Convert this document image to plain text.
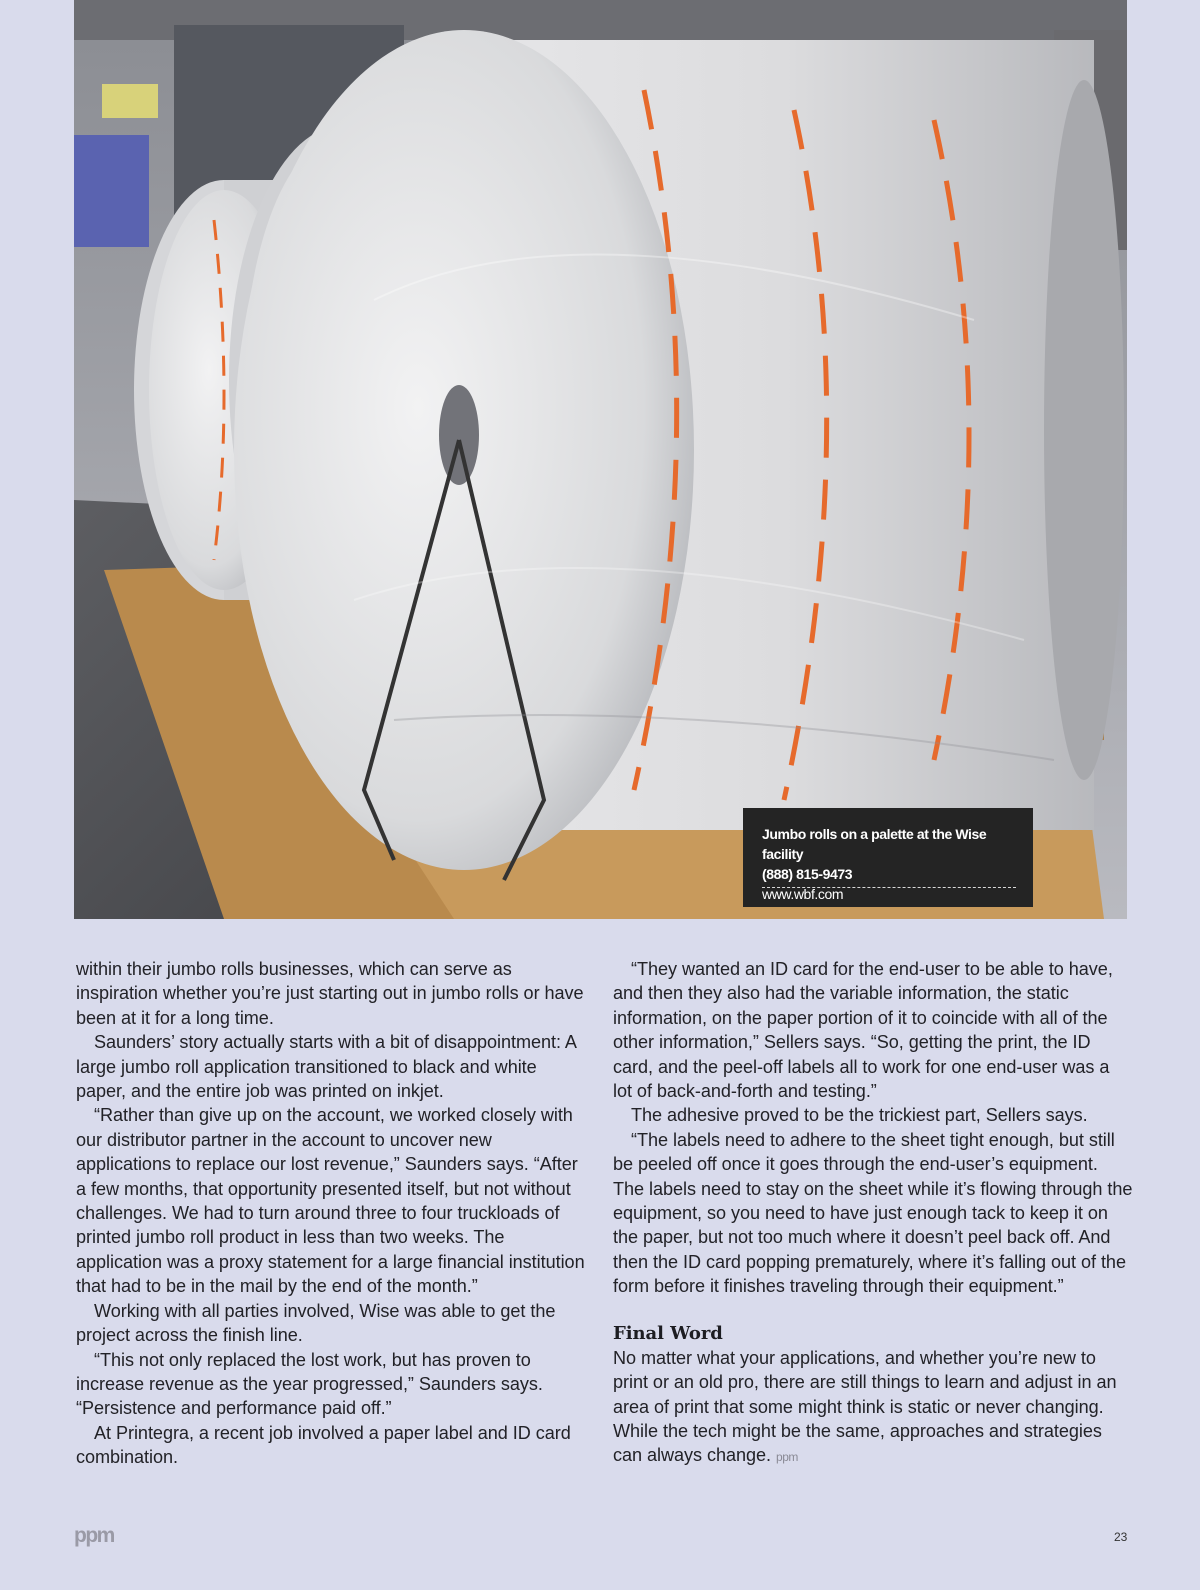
Jumbo rolls on a palette at the Wise facility
(888) 815-9473
www.wbf.com

within their jumbo rolls businesses, which can serve as inspiration whether you’re just starting out in jumbo rolls or have been at it for a long time.

Saunders’ story actually starts with a bit of disappointment: A large jumbo roll application transitioned to black and white paper, and the entire job was printed on inkjet.

“Rather than give up on the account, we worked closely with our distributor partner in the account to uncover new applications to replace our lost revenue,” Saunders says. “After a few months, that opportunity presented itself, but not without challenges. We had to turn around three to four truckloads of printed jumbo roll product in less than two weeks. The application was a proxy statement for a large financial institution that had to be in the mail by the end of the month.”

Working with all parties involved, Wise was able to get the project across the finish line.

“This not only replaced the lost work, but has proven to increase revenue as the year progressed,” Saunders says. “Persistence and performance paid off.”

At Printegra, a recent job involved a paper label and ID card combination.

“They wanted an ID card for the end-user to be able to have, and then they also had the variable information, the static information, on the paper portion of it to coincide with all of the other information,” Sellers says. “So, getting the print, the ID card, and the peel-off labels all to work for one end-user was a lot of back-and-forth and testing.”

The adhesive proved to be the trickiest part, Sellers says.

“The labels need to adhere to the sheet tight enough, but still be peeled off once it goes through the end-user’s equipment. The labels need to stay on the sheet while it’s flowing through the equipment, so you need to have just enough tack to keep it on the paper, but not too much where it doesn’t peel back off. And then the ID card popping prematurely, where it’s falling out of the form before it finishes traveling through their equipment.”

Final Word

No matter what your applications, and whether you’re new to print or an old pro, there are still things to learn and adjust in an area of print that some might think is static or never changing. While the tech might be the same, approaches and strategies can always change. ppm

ppm	23
